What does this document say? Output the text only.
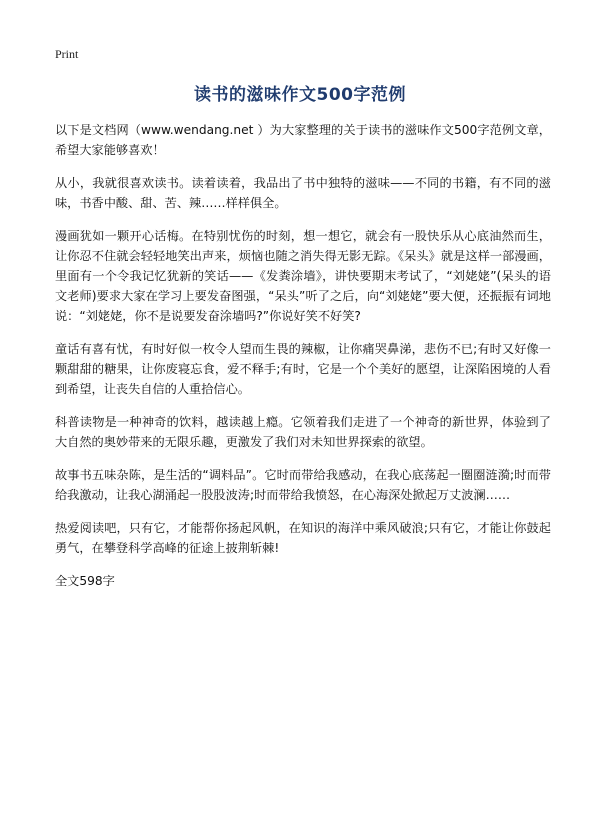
Print
读书的滋味作文500字范例

以下是文档网（www.wendang.net ）为大家整理的关于读书的滋味作文500字范例文章，希望大家能够喜欢！

从小，我就很喜欢读书。读着读着，我品出了书中独特的滋味——不同的书籍，有不同的滋味，书香中酸、甜、苦、辣……样样俱全。

漫画犹如一颗开心话梅。在特别忧伤的时刻，想一想它，就会有一股快乐从心底油然而生，让你忍不住就会轻轻地笑出声来，烦恼也随之消失得无影无踪。《呆头》就是这样一部漫画，里面有一个令我记忆犹新的笑话——《发粪涂墙》，讲快要期末考试了，“刘姥姥”(呆头的语文老师)要求大家在学习上要发奋图强，“呆头”听了之后，向“刘姥姥”要大便，还振振有词地说：“刘姥姥，你不是说要发奋涂墙吗?”你说好笑不好笑?

童话有喜有忧，有时好似一枚令人望而生畏的辣椒，让你痛哭鼻涕，悲伤不已;有时又好像一颗甜甜的糖果，让你废寝忘食，爱不释手;有时，它是一个个美好的愿望，让深陷困境的人看到希望，让丧失自信的人重拾信心。

科普读物是一种神奇的饮料，越读越上瘾。它领着我们走进了一个神奇的新世界，体验到了大自然的奥妙带来的无限乐趣，更激发了我们对未知世界探索的欲望。

故事书五味杂陈，是生活的“调料品”。它时而带给我感动，在我心底荡起一圈圈涟漪;时而带给我激动，让我心湖涌起一股股波涛;时而带给我愤怒，在心海深处掀起万丈波澜……

热爱阅读吧，只有它，才能帮你扬起风帆，在知识的海洋中乘风破浪;只有它，才能让你鼓起勇气，在攀登科学高峰的征途上披荆斩棘!

全文598字
